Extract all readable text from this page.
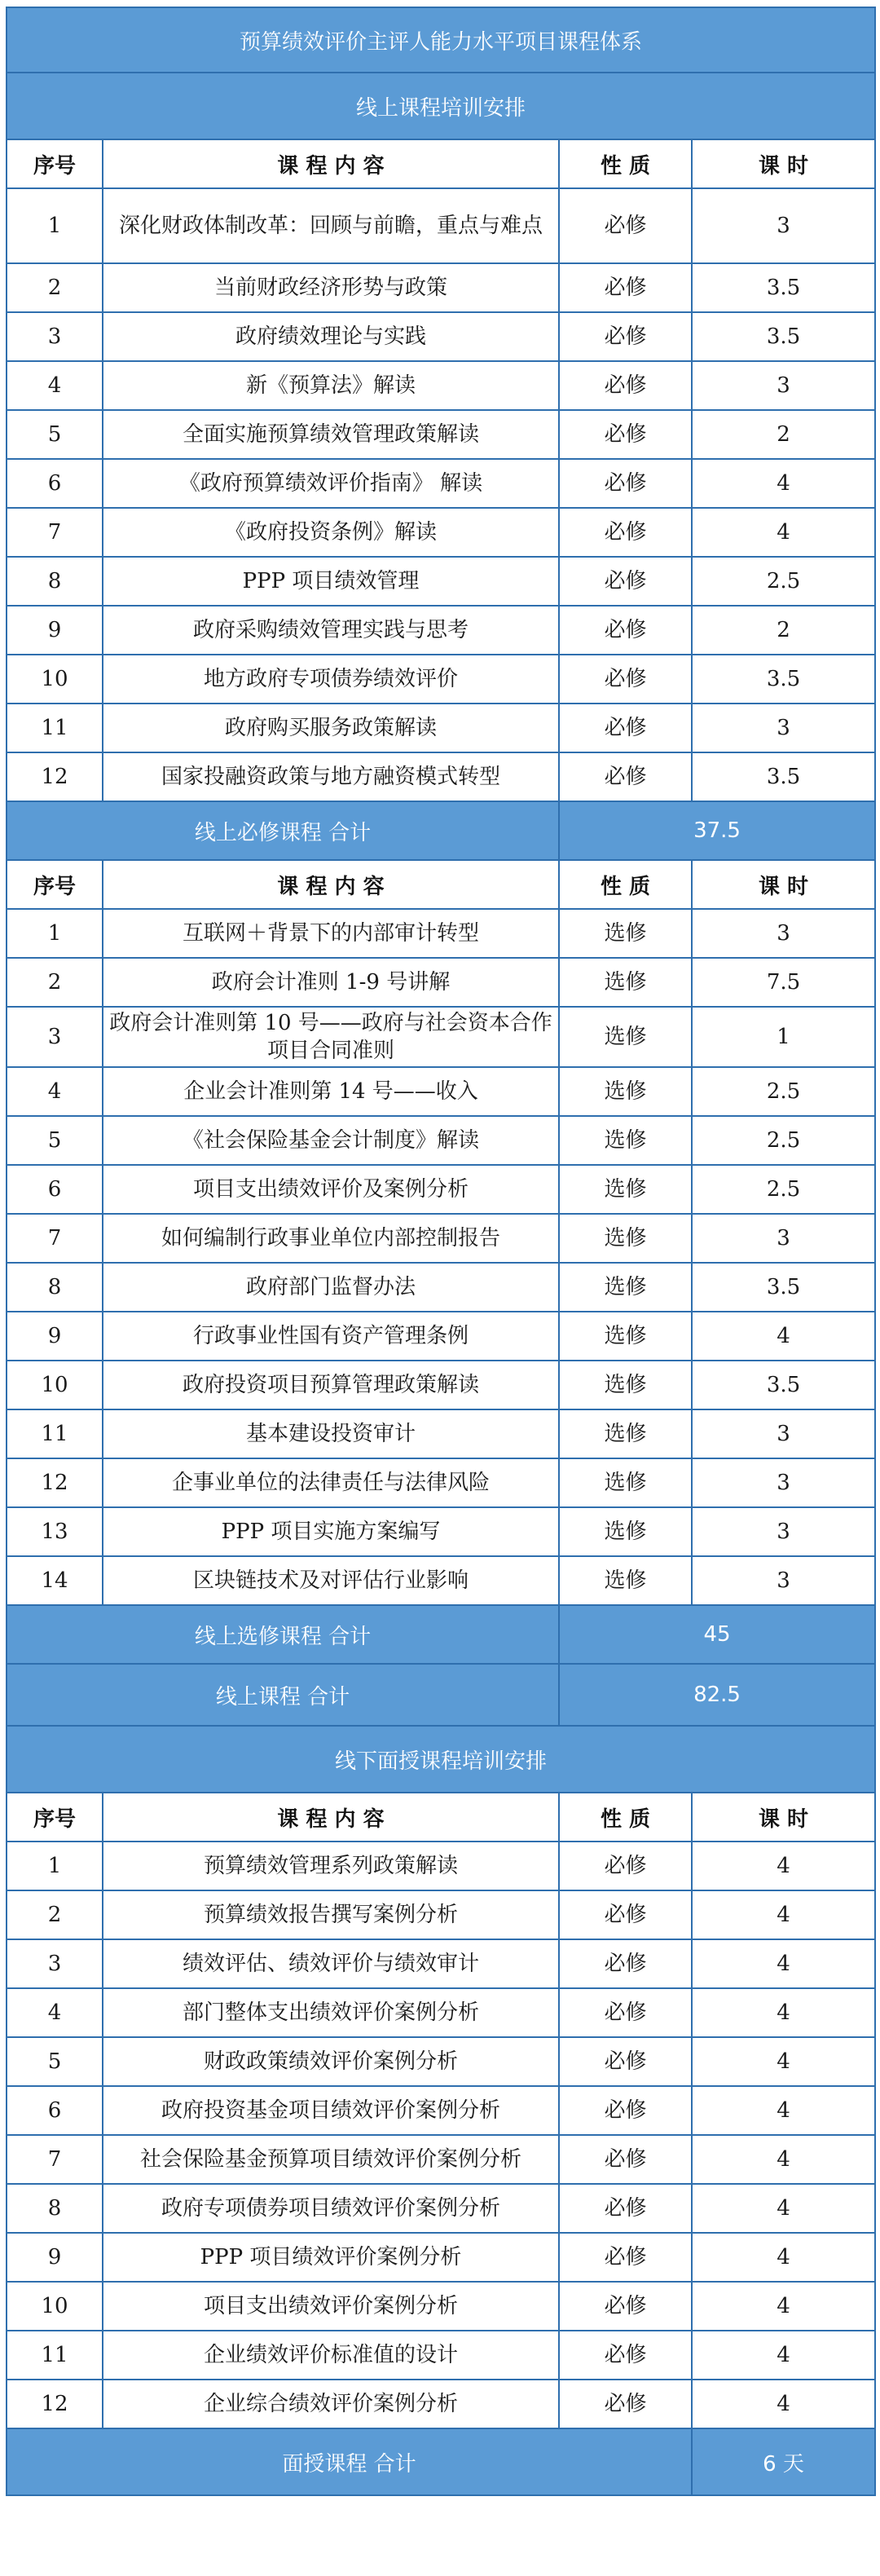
预算绩效评价主评人能力水平项目课程体系			
线上课程培训安排			
序号	课 程 内 容	性 质	课 时
1	深化财政体制改革：回顾与前瞻，重点与难点	必修	3
2	当前财政经济形势与政策	必修	3.5
3	政府绩效理论与实践	必修	3.5
4	新《预算法》解读	必修	3
5	全面实施预算绩效管理政策解读	必修	2
6	《政府预算绩效评价指南》 解读	必修	4
7	《政府投资条例》解读	必修	4
8	PPP 项目绩效管理	必修	2.5
9	政府采购绩效管理实践与思考	必修	2
10	地方政府专项债券绩效评价	必修	3.5
11	政府购买服务政策解读	必修	3
12	国家投融资政策与地方融资模式转型	必修	3.5
线上必修课程 合计		37.5	
序号	课 程 内 容	性 质	课 时
1	互联网＋背景下的内部审计转型	选修	3
2	政府会计准则 1-9 号讲解	选修	7.5
3	政府会计准则第 10 号——政府与社会资本合作项目合同准则	选修	1
4	企业会计准则第 14 号——收入	选修	2.5
5	《社会保险基金会计制度》解读	选修	2.5
6	项目支出绩效评价及案例分析	选修	2.5
7	如何编制行政事业单位内部控制报告	选修	3
8	政府部门监督办法	选修	3.5
9	行政事业性国有资产管理条例	选修	4
10	政府投资项目预算管理政策解读	选修	3.5
11	基本建设投资审计	选修	3
12	企事业单位的法律责任与法律风险	选修	3
13	PPP 项目实施方案编写	选修	3
14	区块链技术及对评估行业影响	选修	3
线上选修课程 合计		45	
线上课程 合计		82.5	
线下面授课程培训安排			
序号	课 程 内 容	性 质	课 时
1	预算绩效管理系列政策解读	必修	4
2	预算绩效报告撰写案例分析	必修	4
3	绩效评估、绩效评价与绩效审计	必修	4
4	部门整体支出绩效评价案例分析	必修	4
5	财政政策绩效评价案例分析	必修	4
6	政府投资基金项目绩效评价案例分析	必修	4
7	社会保险基金预算项目绩效评价案例分析	必修	4
8	政府专项债券项目绩效评价案例分析	必修	4
9	PPP 项目绩效评价案例分析	必修	4
10	项目支出绩效评价案例分析	必修	4
11	企业绩效评价标准值的设计	必修	4
12	企业综合绩效评价案例分析	必修	4
面授课程 合计			6 天
